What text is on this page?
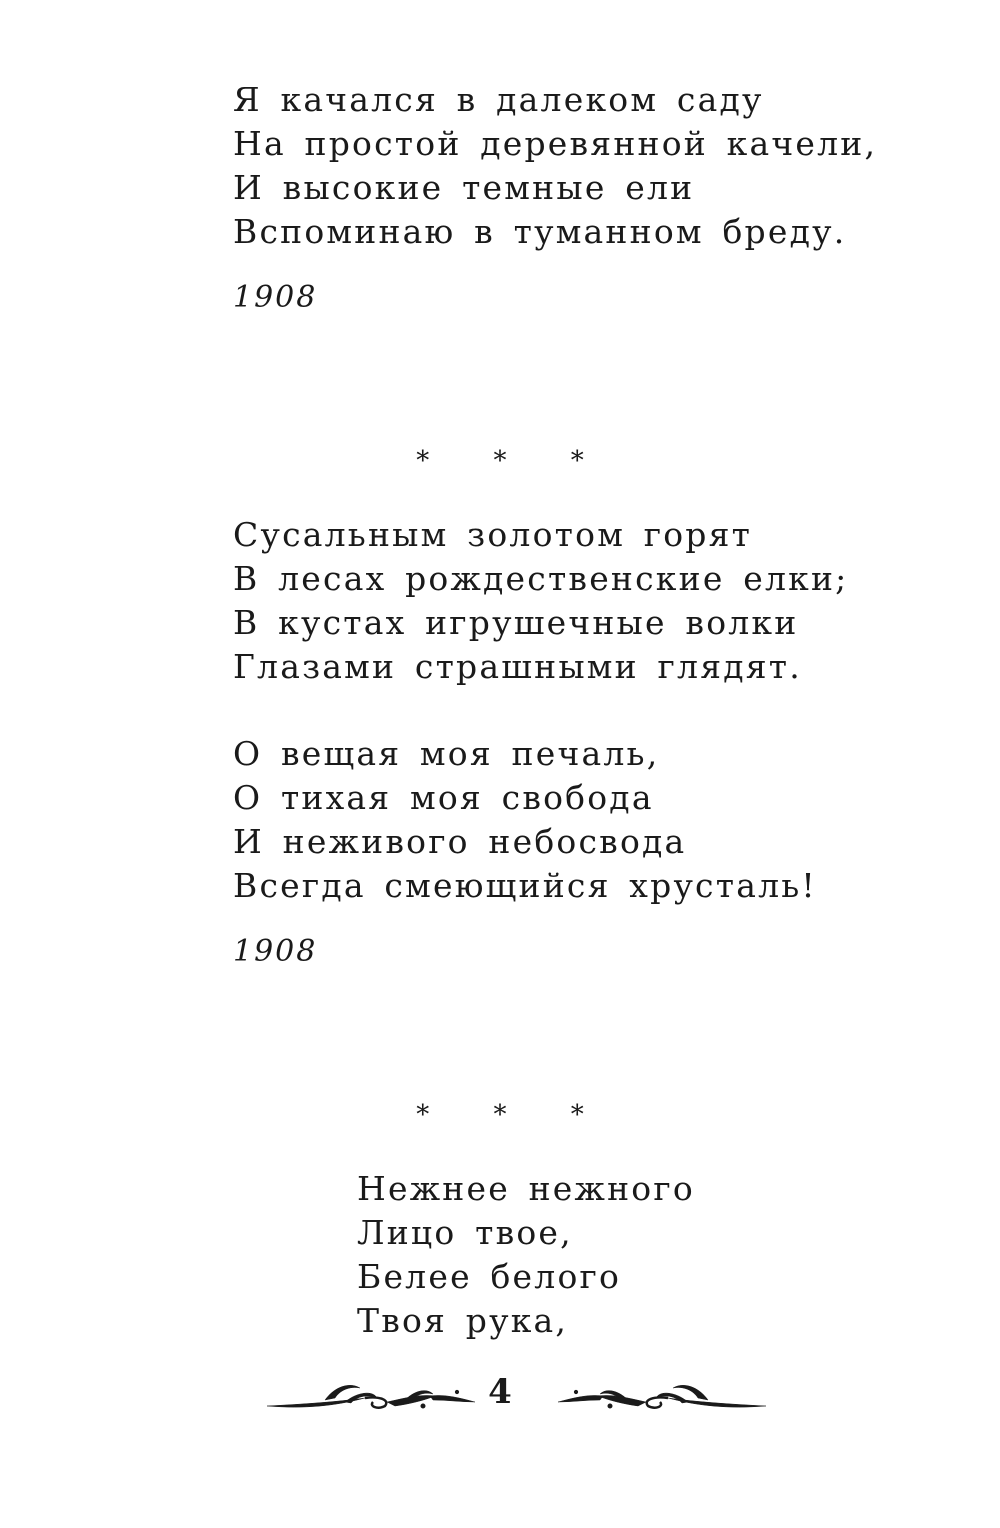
Я качался в далеком саду
На простой деревянной качели,
И высокие темные ели
Вспоминаю в туманном бреду.
1908
* * *
Сусальным золотом горят
В лесах рождественские елки;
В кустах игрушечные волки
Глазами страшными глядят.
О вещая моя печаль,
О тихая моя свобода
И неживого небосвода
Всегда смеющийся хрусталь!
1908
* * *
Нежнее нежного
Лицо твое,
Белее белого
Твоя рука,
4
